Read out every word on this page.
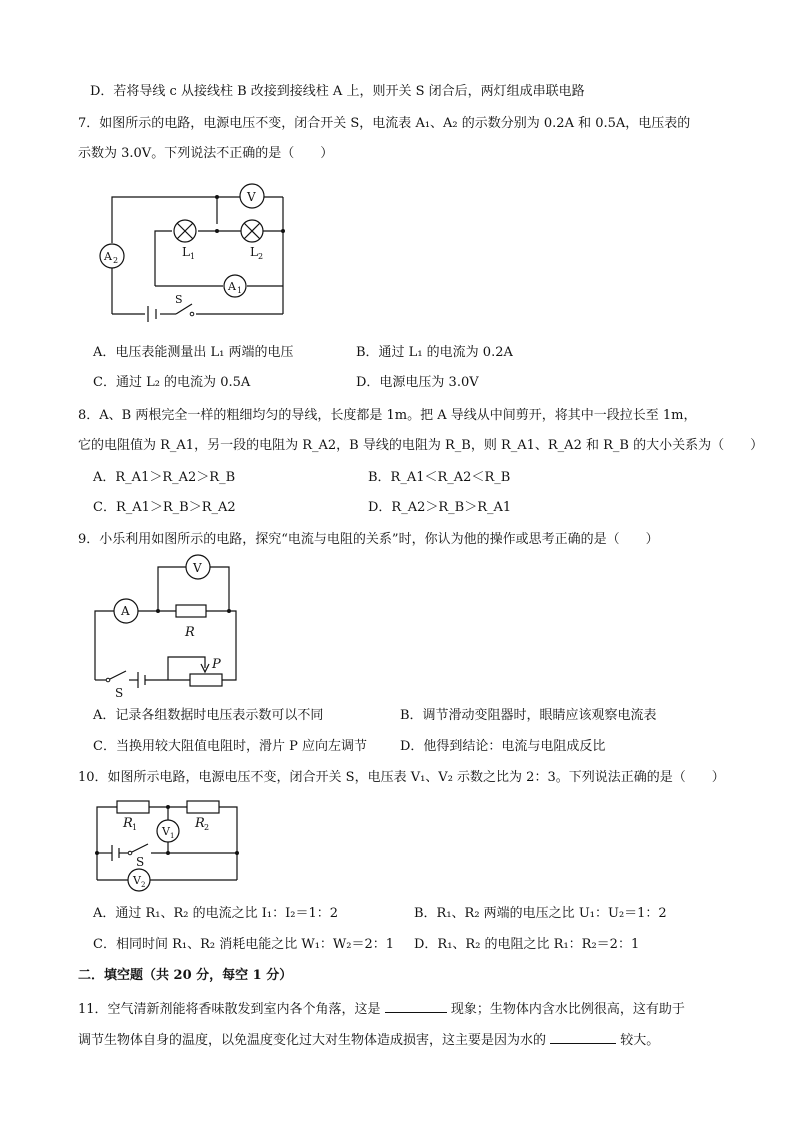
D．若将导线 c 从接线柱 B 改接到接线柱 A 上，则开关 S 闭合后，两灯组成串联电路
7．如图所示的电路，电源电压不变，闭合开关 S，电流表 A₁、A₂ 的示数分别为 0.2A 和 0.5A，电压表的
示数为 3.0V。下列说法不正确的是（　　）
V
A 2
A 1
L 1	L 2
S
A．电压表能测量出 L₁ 两端的电压	B．通过 L₁ 的电流为 0.2A
C．通过 L₂ 的电流为 0.5A	D．电源电压为 3.0V
8．A、B 两根完全一样的粗细均匀的导线，长度都是 1m。把 A 导线从中间剪开，将其中一段拉长至 1m，
它的电阻值为 R_A1，另一段的电阻为 R_A2，B 导线的电阻为 R_B，则 R_A1、R_A2 和 R_B 的大小关系为（　　）
A．R_A1＞R_A2＞R_B	B．R_A1＜R_A2＜R_B
C．R_A1＞R_B＞R_A2	D．R_A2＞R_B＞R_A1
9．小乐利用如图所示的电路，探究“电流与电阻的关系”时，你认为他的操作或思考正确的是（　　）
V
A
R
P
S
A．记录各组数据时电压表示数可以不同	B．调节滑动变阻器时，眼睛应该观察电流表
C．当换用较大阻值电阻时，滑片 P 应向左调节	D．他得到结论：电流与电阻成反比
10．如图所示电路，电源电压不变，闭合开关 S，电压表 V₁、V₂ 示数之比为 2：3。下列说法正确的是（　　）
R 1	R 2
V 1
V 2
S
A．通过 R₁、R₂ 的电流之比 I₁：I₂＝1：2	B．R₁、R₂ 两端的电压之比 U₁：U₂＝1：2
C．相同时间 R₁、R₂ 消耗电能之比 W₁：W₂＝2：1 D．R₁、R₂ 的电阻之比 R₁：R₂＝2：1
二．填空题（共 20 分，每空 1 分）
11．空气清新剂能将香味散发到室内各个角落，这是	现象；生物体内含水比例很高，这有助于
调节生物体自身的温度，以免温度变化过大对生物体造成损害，这主要是因为水的	较大。
